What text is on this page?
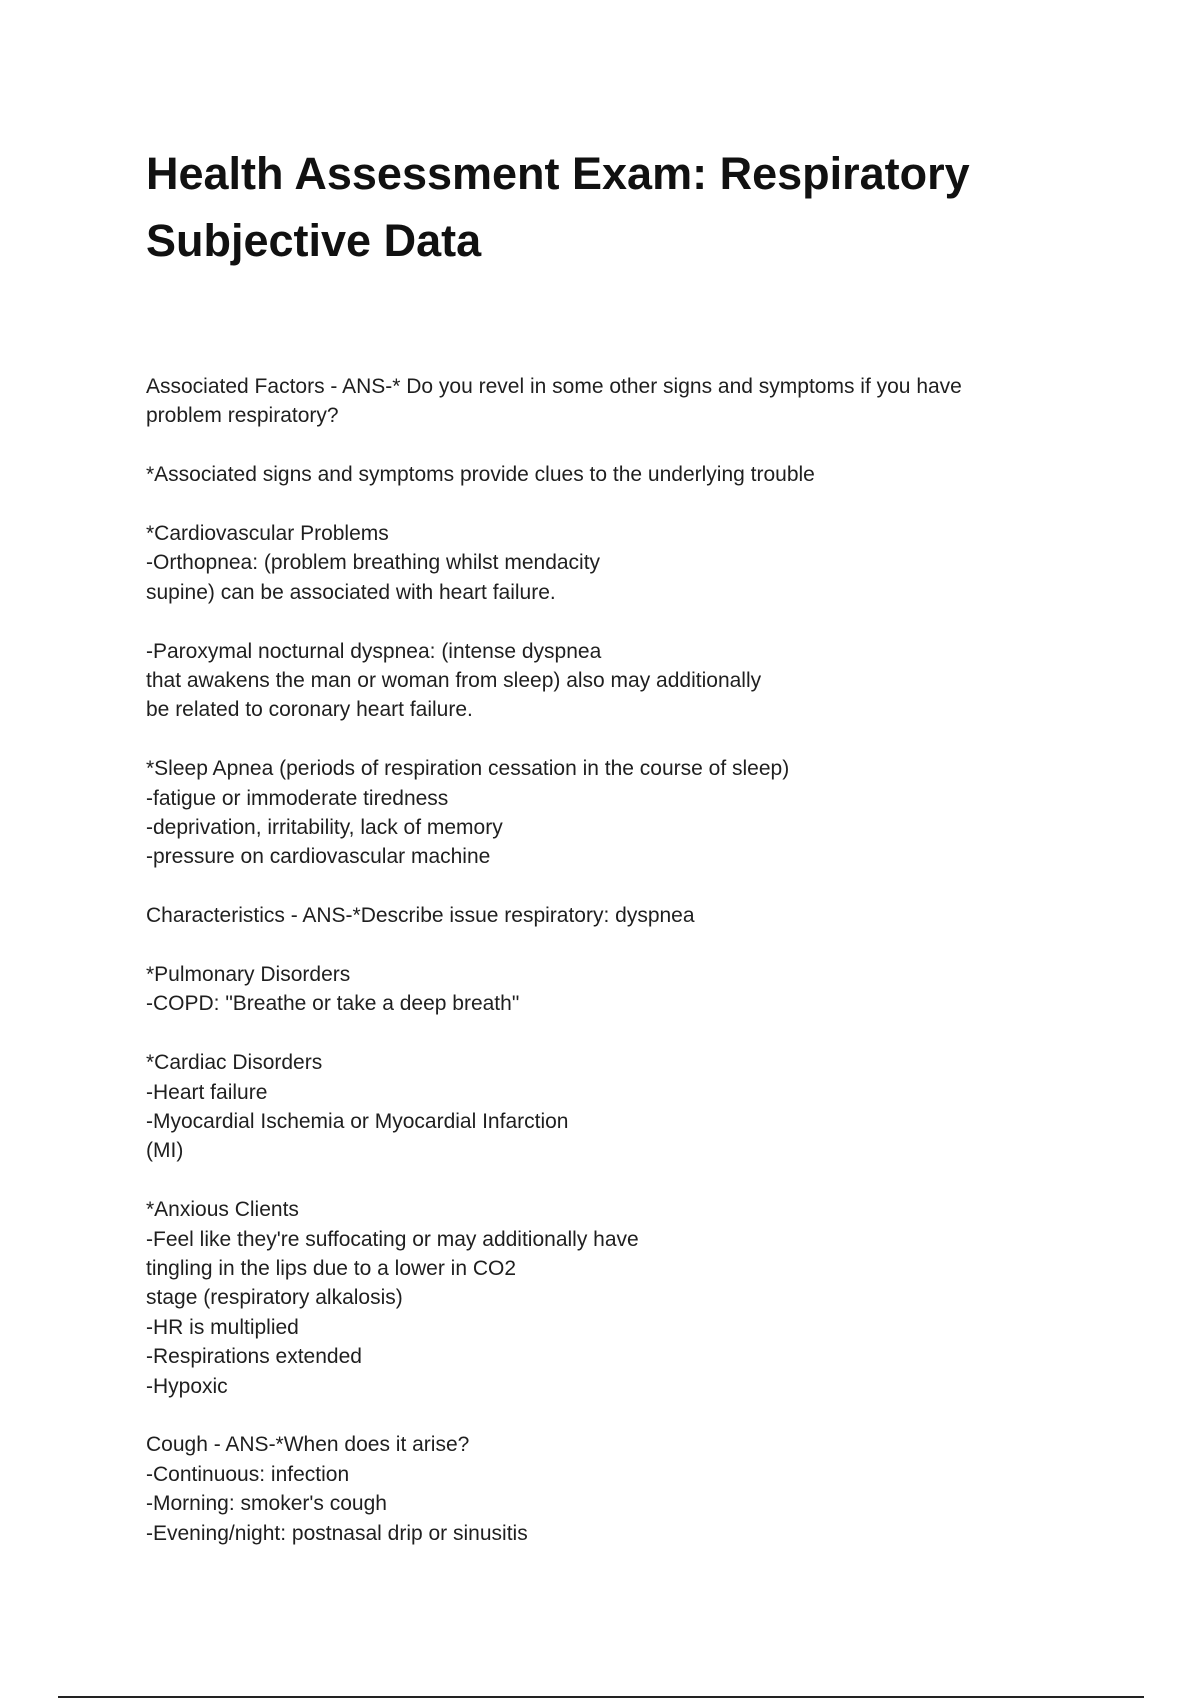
Health Assessment Exam: Respiratory
Subjective Data
Associated Factors - ANS-* Do you revel in some other signs and symptoms if you have
problem respiratory?
*Associated signs and symptoms provide clues to the underlying trouble
*Cardiovascular Problems
-Orthopnea: (problem breathing whilst mendacity
supine) can be associated with heart failure.
-Paroxymal nocturnal dyspnea: (intense dyspnea
that awakens the man or woman from sleep) also may additionally
be related to coronary heart failure.
*Sleep Apnea (periods of respiration cessation in the course of sleep)
-fatigue or immoderate tiredness
-deprivation, irritability, lack of memory
-pressure on cardiovascular machine
Characteristics - ANS-*Describe issue respiratory: dyspnea
*Pulmonary Disorders
-COPD: "Breathe or take a deep breath"
*Cardiac Disorders
-Heart failure
-Myocardial Ischemia or Myocardial Infarction
(MI)
*Anxious Clients
-Feel like they're suffocating or may additionally have
tingling in the lips due to a lower in CO2
stage (respiratory alkalosis)
-HR is multiplied
-Respirations extended
-Hypoxic
Cough - ANS-*When does it arise?
-Continuous: infection
-Morning: smoker's cough
-Evening/night: postnasal drip or sinusitis
